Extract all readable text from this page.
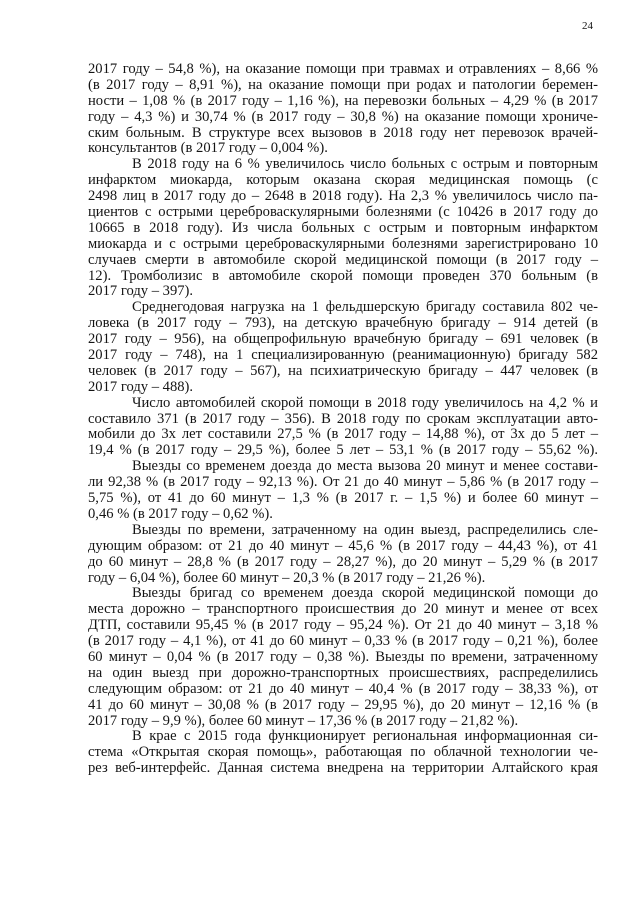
24
2017 году – 54,8 %), на оказание помощи при травмах и отравлениях – 8,66 %
(в 2017 году – 8,91 %), на оказание помощи при родах и патологии беремен-
ности – 1,08 % (в 2017 году – 1,16 %), на перевозки больных – 4,29 % (в 2017
году – 4,3 %) и 30,74 % (в 2017 году – 30,8 %) на оказание помощи хрониче-
ским больным. В структуре всех вызовов в 2018 году нет перевозок врачей-
консультантов (в 2017 году – 0,004 %).
В 2018 году на 6 % увеличилось число больных с острым и повторным
инфарктом миокарда, которым оказана скорая медицинская помощь (с
2498 лиц в 2017 году до – 2648 в 2018 году). На 2,3 % увеличилось число па-
циентов с острыми цереброваскулярными болезнями (с 10426 в 2017 году до
10665 в 2018 году). Из числа больных с острым и повторным инфарктом
миокарда и с острыми цереброваскулярными болезнями зарегистрировано 10
случаев смерти в автомобиле скорой медицинской помощи (в 2017 году –
12). Тромболизис в автомобиле скорой помощи проведен 370 больным (в
2017 году – 397).
Среднегодовая нагрузка на 1 фельдшерскую бригаду составила 802 че-
ловека (в 2017 году – 793), на детскую врачебную бригаду – 914 детей (в
2017 году – 956), на общепрофильную врачебную бригаду – 691 человек (в
2017 году – 748), на 1 специализированную (реанимационную) бригаду 582
человек (в 2017 году – 567), на психиатрическую бригаду – 447 человек (в
2017 году – 488).
Число автомобилей скорой помощи в 2018 году увеличилось на 4,2 % и
составило 371 (в 2017 году – 356). В 2018 году по срокам эксплуатации авто-
мобили до 3х лет составили 27,5 % (в 2017 году – 14,88 %), от 3х до 5 лет –
19,4 % (в 2017 году – 29,5 %), более 5 лет – 53,1 % (в 2017 году – 55,62 %).
Выезды со временем доезда до места вызова 20 минут и менее состави-
ли 92,38 % (в 2017 году – 92,13 %). От 21 до 40 минут – 5,86 % (в 2017 году –
5,75 %), от 41 до 60 минут – 1,3 % (в 2017 г. – 1,5 %) и более 60 минут –
0,46 % (в 2017 году – 0,62 %).
Выезды по времени, затраченному на один выезд, распределились сле-
дующим образом: от 21 до 40 минут – 45,6 % (в 2017 году – 44,43 %), от 41
до 60 минут – 28,8 % (в 2017 году – 28,27 %), до 20 минут – 5,29 % (в 2017
году – 6,04 %), более 60 минут – 20,3 % (в 2017 году – 21,26 %).
Выезды бригад со временем доезда скорой медицинской помощи до
места дорожно – транспортного происшествия до 20 минут и менее от всех
ДТП, составили 95,45 % (в 2017 году – 95,24 %). От 21 до 40 минут – 3,18 %
(в 2017 году – 4,1 %), от 41 до 60 минут – 0,33 % (в 2017 году – 0,21 %), более
60 минут – 0,04 % (в 2017 году – 0,38 %). Выезды по времени, затраченному
на один выезд при дорожно-транспортных происшествиях, распределились
следующим образом: от 21 до 40 минут – 40,4 % (в 2017 году – 38,33 %), от
41 до 60 минут – 30,08 % (в 2017 году – 29,95 %), до 20 минут – 12,16 % (в
2017 году – 9,9 %), более 60 минут – 17,36 % (в 2017 году – 21,82 %).
В крае с 2015 года функционирует региональная информационная си-
стема «Открытая скорая помощь», работающая по облачной технологии че-
рез веб-интерфейс. Данная система внедрена на территории Алтайского края
